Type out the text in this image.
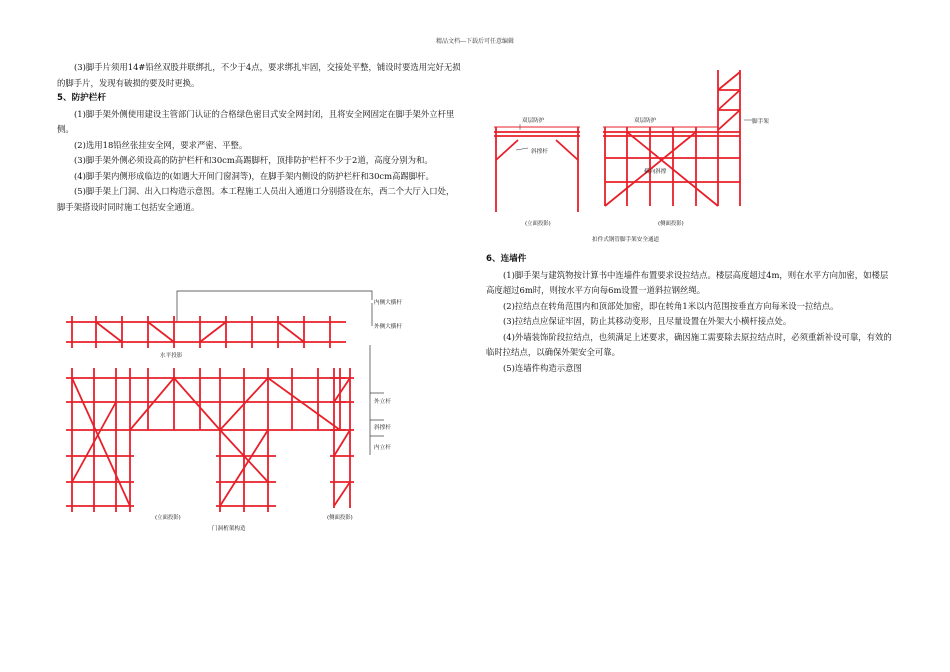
精品文档---下载后可任意编辑

(3)脚手片须用14#铅丝双股并联绑扎，不少于4点，要求绑扎牢固，交接处平整，铺设时要选用完好无损的脚手片，发现有破损的要及时更换。

5、防护栏杆

(1)脚手架外侧使用建设主管部门认证的合格绿色密目式安全网封闭，且将安全网固定在脚手架外立杆里侧。

(2)选用18铅丝张挂安全网，要求严密、平整。

(3)脚手架外侧必须设高的防护栏杆和30cm高踢脚杆，顶排防护栏杆不少于2道，高度分别为和。

(4)脚手架内侧形成临边的(如遇大开间门窗洞等)，在脚手架内侧设的防护栏杆和30cm高踢脚杆。

(5)脚手架上门洞、出入口构造示意图。本工程施工人员出入通道口分别搭设在东，西二个大厅入口处，脚手架搭设时同时施工包括安全通道。

6、连墙件

(1)脚手架与建筑物按计算书中连墙件布置要求设拉结点。楼层高度超过4m，则在水平方向加密，如楼层高度超过6m时，则按水平方向每6m设置一道斜拉钢丝绳。

(2)拉结点在转角范围内和顶部处加密，即在转角1米以内范围按垂直方向每米设一拉结点。

(3)拉结点应保证牢固，防止其移动变形，且尽量设置在外架大小横杆接点处。

(4)外墙装饰阶段拉结点，也须满足上述要求，确因施工需要除去原拉结点时，必须重新补设可靠，有效的临时拉结点，以确保外架安全可靠。

(5)连墙件构造示意图

双层防护	双层防护	脚手架
斜撑杆
横向斜撑
(立面投影)	(侧面投影)
扣件式钢管脚手架安全通道
内侧大横杆
外侧大横杆
水平投影
外立杆
斜撑杆
内立杆
(立面投影)	(侧面投影)
门洞桁架构造
